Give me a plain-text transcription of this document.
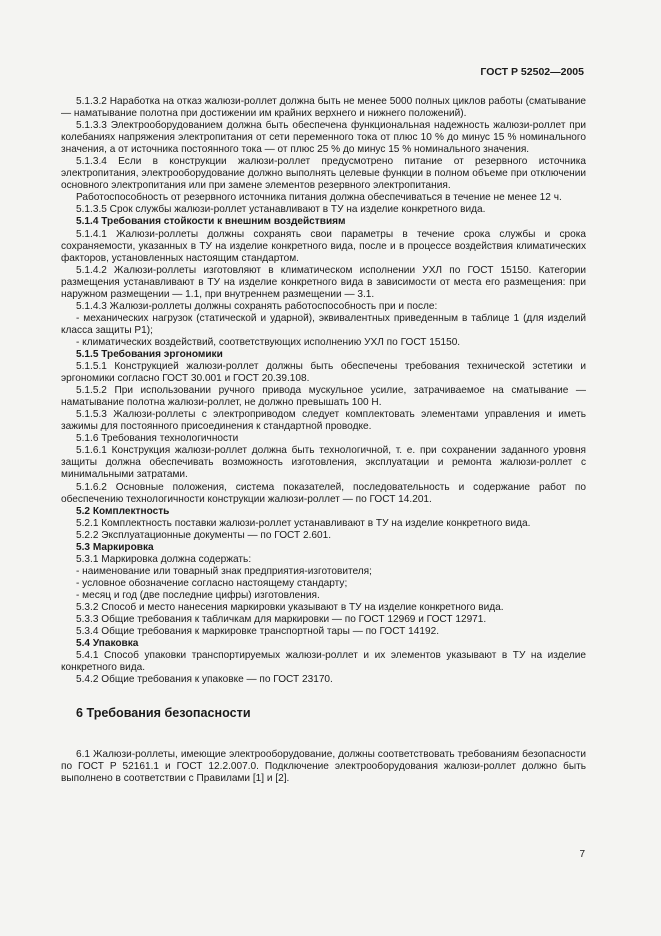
ГОСТ Р 52502—2005

5.1.3.2 Наработка на отказ жалюзи-роллет должна быть не менее 5000 полных циклов работы (сматывание — наматывание полотна при достижении им крайних верхнего и нижнего положений).

5.1.3.3 Электрооборудованием должна быть обеспечена функциональная надежность жалюзи-роллет при колебаниях напряжения электропитания от сети переменного тока от плюс 10 % до минус 15 % номинального значения, а от источника постоянного тока — от плюс 25 % до минус 15 % номинального значения.

5.1.3.4 Если в конструкции жалюзи-роллет предусмотрено питание от резервного источника электропитания, электрооборудование должно выполнять целевые функции в полном объеме при отключении основного электропитания или при замене элементов резервного электропитания.

Работоспособность от резервного источника питания должна обеспечиваться в течение не менее 12 ч.

5.1.3.5 Срок службы жалюзи-роллет устанавливают в ТУ на изделие конкретного вида.

5.1.4 Требования стойкости к внешним воздействиям

5.1.4.1 Жалюзи-роллеты должны сохранять свои параметры в течение срока службы и срока сохраняемости, указанных в ТУ на изделие конкретного вида, после и в процессе воздействия климатических факторов, установленных настоящим стандартом.

5.1.4.2 Жалюзи-роллеты изготовляют в климатическом исполнении УХЛ по ГОСТ 15150. Категории размещения устанавливают в ТУ на изделие конкретного вида в зависимости от места его размещения: при наружном размещении — 1.1, при внутреннем размещении — 3.1.

5.1.4.3 Жалюзи-роллеты должны сохранять работоспособность при и после:

- механических нагрузок (статической и ударной), эквивалентных приведенным в таблице 1 (для изделий класса защиты Р1);

- климатических воздействий, соответствующих исполнению УХЛ по ГОСТ 15150.

5.1.5 Требования эргономики

5.1.5.1 Конструкцией жалюзи-роллет должны быть обеспечены требования технической эстетики и эргономики согласно ГОСТ 30.001 и ГОСТ 20.39.108.

5.1.5.2 При использовании ручного привода мускульное усилие, затрачиваемое на сматывание — наматывание полотна жалюзи-роллет, не должно превышать 100 Н.

5.1.5.3 Жалюзи-роллеты с электроприводом следует комплектовать элементами управления и иметь зажимы для постоянного присоединения к стандартной проводке.

5.1.6 Требования технологичности

5.1.6.1 Конструкция жалюзи-роллет должна быть технологичной, т. е. при сохранении заданного уровня защиты должна обеспечивать возможность изготовления, эксплуатации и ремонта жалюзи-роллет с минимальными затратами.

5.1.6.2 Основные положения, система показателей, последовательность и содержание работ по обеспечению технологичности конструкции жалюзи-роллет — по ГОСТ 14.201.

5.2 Комплектность

5.2.1 Комплектность поставки жалюзи-роллет устанавливают в ТУ на изделие конкретного вида.

5.2.2 Эксплуатационные документы — по ГОСТ 2.601.

5.3 Маркировка

5.3.1 Маркировка должна содержать:

- наименование или товарный знак предприятия-изготовителя;

- условное обозначение согласно настоящему стандарту;

- месяц и год (две последние цифры) изготовления.

5.3.2 Способ и место нанесения маркировки указывают в ТУ на изделие конкретного вида.

5.3.3 Общие требования к табличкам для маркировки — по ГОСТ 12969 и ГОСТ 12971.

5.3.4 Общие требования к маркировке транспортной тары — по ГОСТ 14192.

5.4 Упаковка

5.4.1 Способ упаковки транспортируемых жалюзи-роллет и их элементов указывают в ТУ на изделие конкретного вида.

5.4.2 Общие требования к упаковке — по ГОСТ 23170.

6 Требования безопасности

6.1 Жалюзи-роллеты, имеющие электрооборудование, должны соответствовать требованиям безопасности по ГОСТ Р 52161.1 и ГОСТ 12.2.007.0. Подключение электрооборудования жалюзи-роллет должно быть выполнено в соответствии с Правилами [1] и [2].

7
